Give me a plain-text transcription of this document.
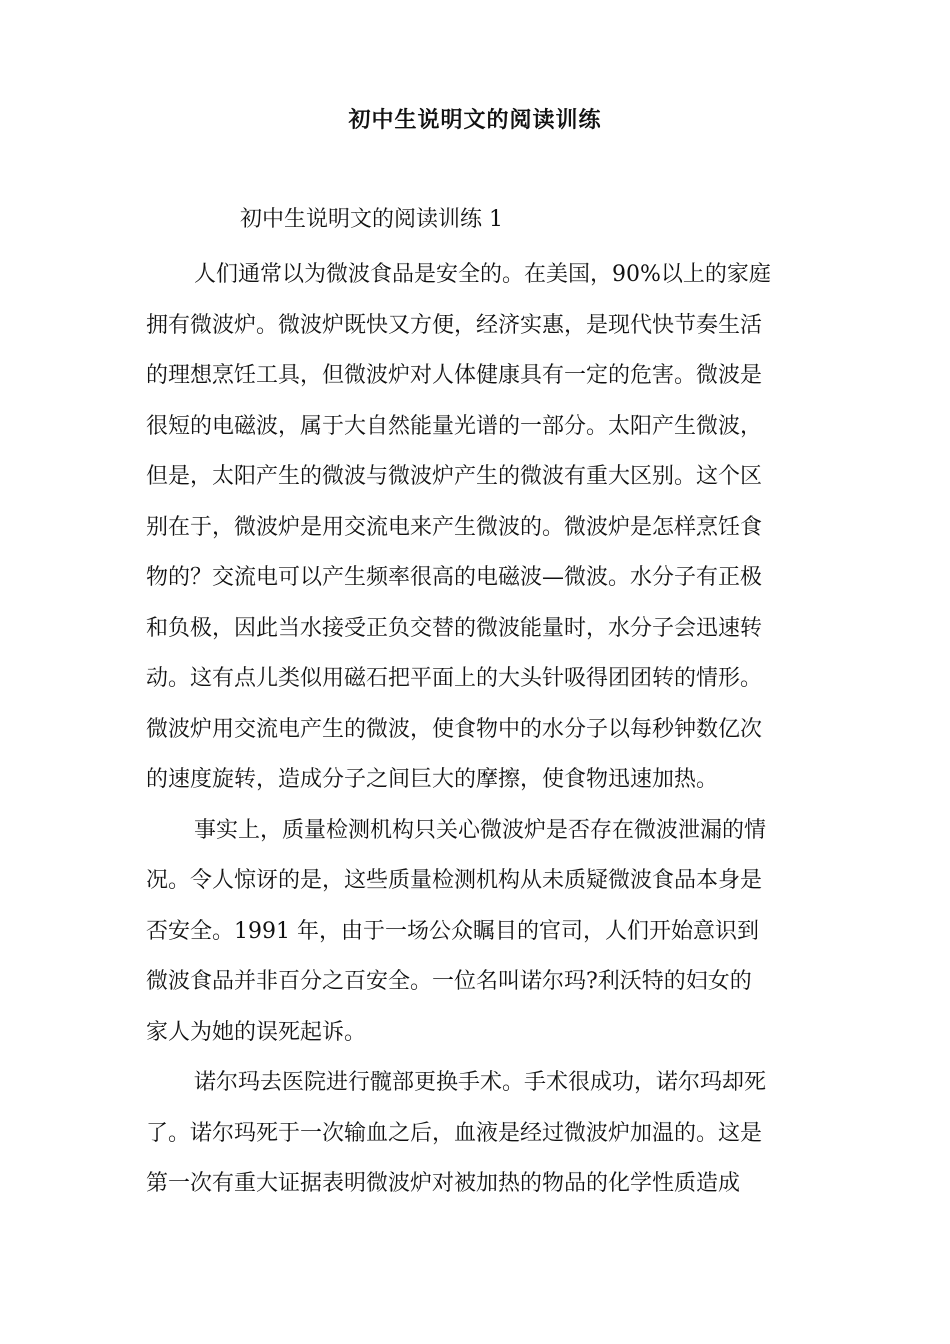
初中生说明文的阅读训练
初中生说明文的阅读训练 1
人们通常以为微波食品是安全的。在美国，90%以上的家庭
拥有微波炉。微波炉既快又方便，经济实惠，是现代快节奏生活
的理想烹饪工具，但微波炉对人体健康具有一定的危害。微波是
很短的电磁波，属于大自然能量光谱的一部分。太阳产生微波，
但是，太阳产生的微波与微波炉产生的微波有重大区别。这个区
别在于，微波炉是用交流电来产生微波的。微波炉是怎样烹饪食
物的？交流电可以产生频率很高的电磁波—微波。水分子有正极
和负极，因此当水接受正负交替的微波能量时，水分子会迅速转
动。这有点儿类似用磁石把平面上的大头针吸得团团转的情形。
微波炉用交流电产生的微波，使食物中的水分子以每秒钟数亿次
的速度旋转，造成分子之间巨大的摩擦，使食物迅速加热。
事实上，质量检测机构只关心微波炉是否存在微波泄漏的情
况。令人惊讶的是，这些质量检测机构从未质疑微波食品本身是
否安全。1991 年，由于一场公众瞩目的官司，人们开始意识到
微波食品并非百分之百安全。一位名叫诺尔玛?利沃特的妇女的
家人为她的误死起诉。
诺尔玛去医院进行髋部更换手术。手术很成功，诺尔玛却死
了。诺尔玛死于一次输血之后，血液是经过微波炉加温的。这是
第一次有重大证据表明微波炉对被加热的物品的化学性质造成
